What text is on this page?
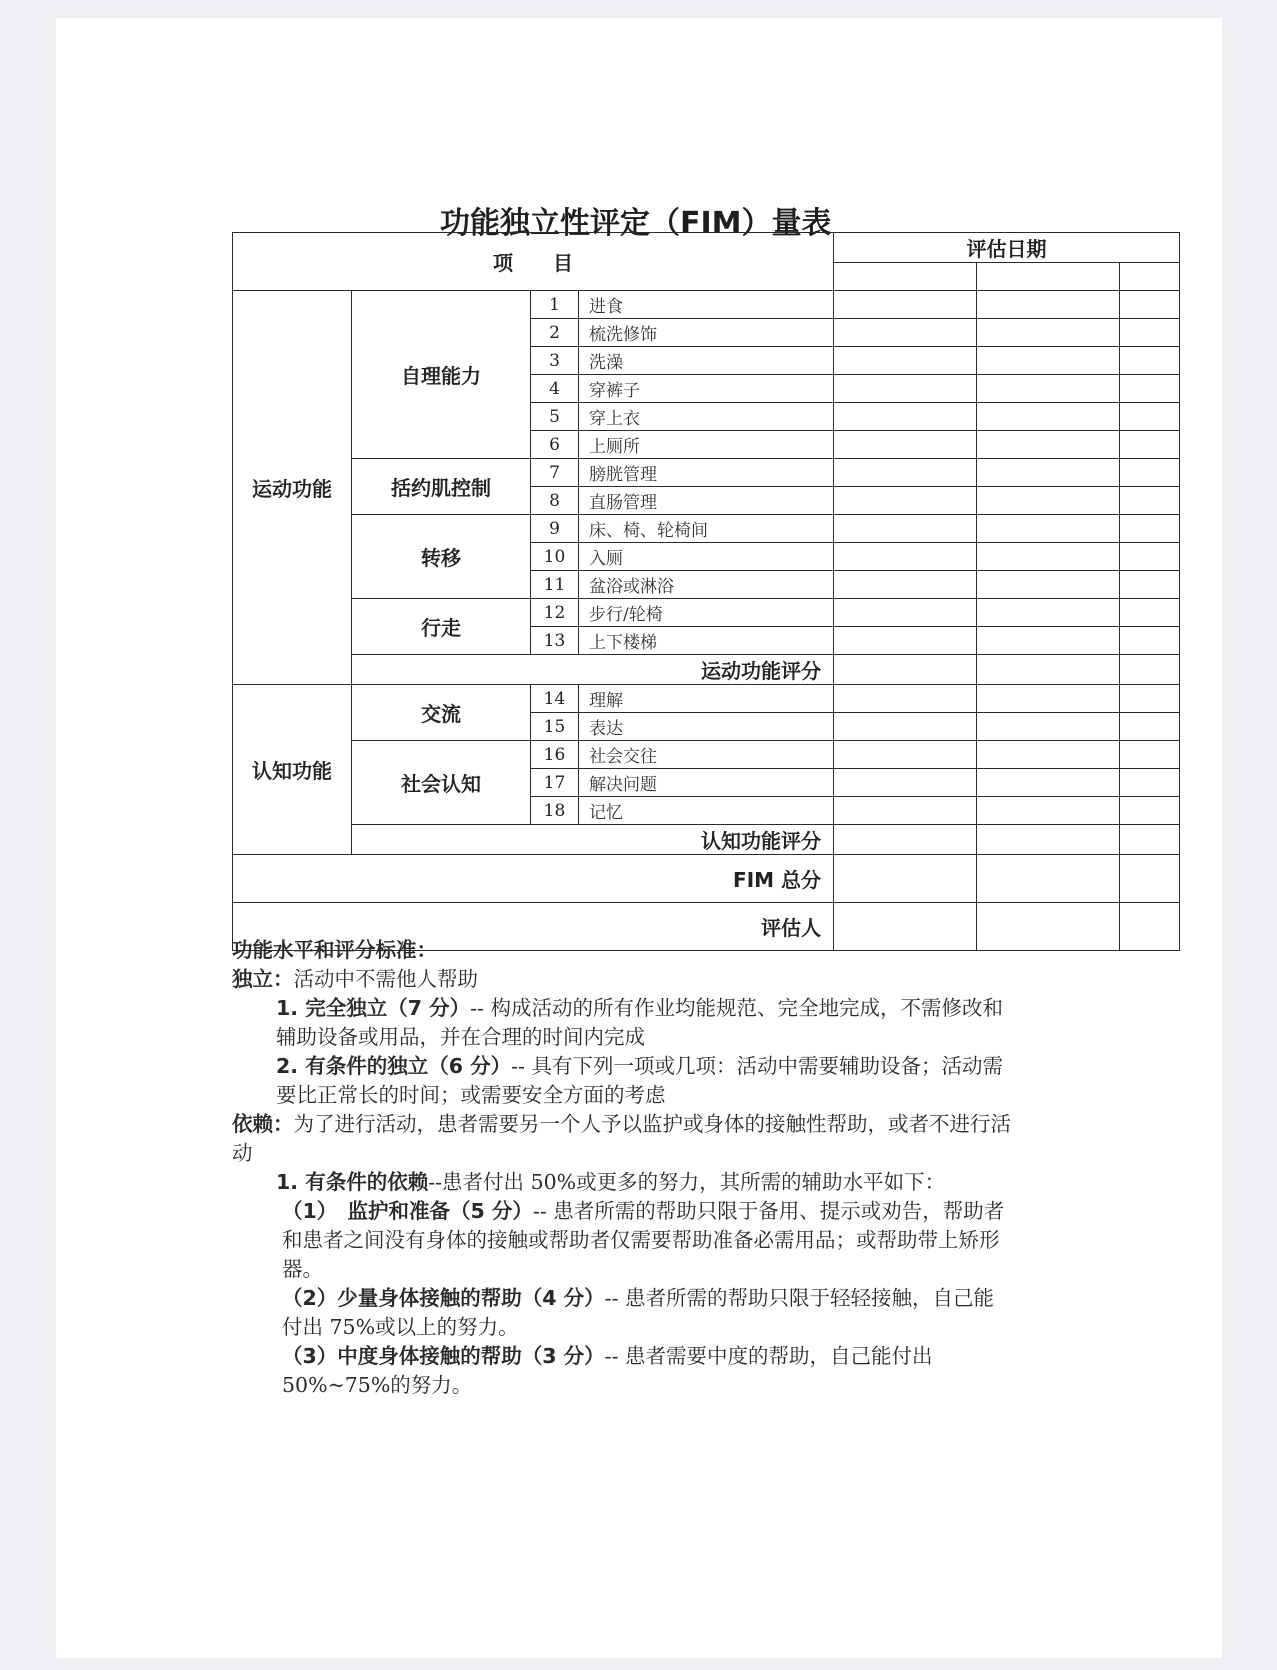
功能独立性评定（FIM）量表
项　　目				评估日期		

运动功能	自理能力	1	进食			
		2	梳洗修饰			
		3	洗澡			
		4	穿裤子			
		5	穿上衣			
		6	上厕所			
	括约肌控制	7	膀胱管理			
		8	直肠管理			
	转移	9	床、椅、轮椅间			
		10	入厕			
		11	盆浴或淋浴			
	行走	12	步行/轮椅			
		13	上下楼梯			
	运动功能评分					
认知功能	交流	14	理解			
		15	表达			
	社会认知	16	社会交往			
		17	解决问题			
		18	记忆			
	认知功能评分					
FIM 总分						
评估人						

功能水平和评分标准：

独立：活动中不需他人帮助

1. 完全独立（7 分）-- 构成活动的所有作业均能规范、完全地完成，不需修改和辅助设备或用品，并在合理的时间内完成

2. 有条件的独立（6 分）-- 具有下列一项或几项：活动中需要辅助设备；活动需要比正常长的时间；或需要安全方面的考虑

依赖：为了进行活动，患者需要另一个人予以监护或身体的接触性帮助，或者不进行活动

1. 有条件的依赖--患者付出 50%或更多的努力，其所需的辅助水平如下：

（1）　监护和准备（5 分）-- 患者所需的帮助只限于备用、提示或劝告，帮助者和患者之间没有身体的接触或帮助者仅需要帮助准备必需用品；或帮助带上矫形器。

（2）少量身体接触的帮助（4 分）-- 患者所需的帮助只限于轻轻接触，自己能付出 75%或以上的努力。

（3）中度身体接触的帮助（3 分）-- 患者需要中度的帮助，自己能付出 50%~75%的努力。
